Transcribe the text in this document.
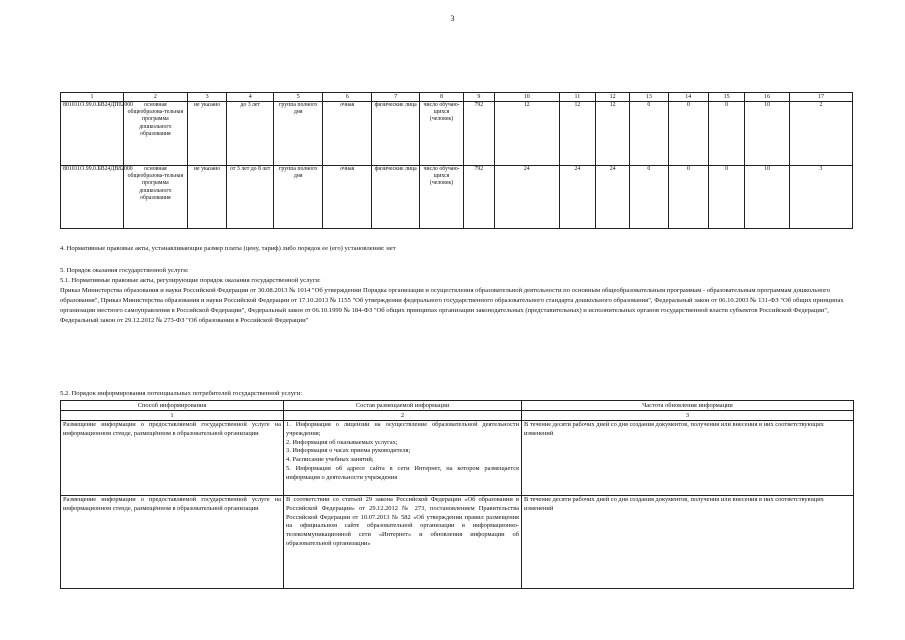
3
1	2	3	4	5	6	7	8	9	10	11	12	13	14	15	16	17
801011О.99.0.БВ24ДП02000	основная общеобразова-тельная программа дошкольного образования	не указано	до 3 лет	группа полного дня	очная	физические лица	число обучаю-щихся (человек)	792	12	12	12	0	0	0	10	2
801011О.99.0.БВ24ДВ82000	основная общеобразова-тельная программа дошкольного образования	не указано	от 3 лет до 8 лет	группа полного дня	очная	физические лица	число обучаю-щихся (человек)	792	24	24	24	0	0	0	10	3
4. Нормативные правовые акты, устанавливающие размер платы (цену, тариф) либо порядок ее (его) установления: нет
5. Порядок оказания государственной услуги:
5.1. Нормативные правовые акты, регулирующие порядок оказания государственной услуги:
Приказ Министерства образования и науки Российской Федерации от 30.08.2013 № 1014 "Об утверждении Порядка организации и осуществления образовательной деятельности по основным общеобразовательным программам - образовательным программам дошкольного образования", Приказ Министерства образования и науки Российской Федерации от 17.10.2013 № 1155 "Об утверждении федерального государственного образовательного стандарта дошкольного образования", Федеральный закон от 06.10.2003 № 131-ФЗ "Об общих принципах организации местного самоуправления в Российской Федерации", Федеральный закон от 06.10.1999 № 184-ФЗ "Об общих принципах организации законодательных (представительных) и исполнительных органов государственной власти субъектов Российской Федерации", Федеральный закон от 29.12.2012 № 273-ФЗ "Об образовании в Российской Федерации"
5.2. Порядок информирования потенциальных потребителей государственной услуги:
Способ информирования	Состав размещаемой информации	Частота обновления информации
1	2	3
Размещение информации о предоставляемой государственной услуге на информационном стенде, размещённом в образовательной организации	1. Информация о лицензии на осуществление образовательной деятельности учреждения;
2. Информация об оказываемых услугах;
3. Информация о часах приема руководителя;
4. Расписание учебных занятий;
5. Информация об адресе сайта в сети Интернет, на котором размещается информация о деятельности учреждения	В течение десяти рабочих дней со дня создания документов, получения или внесения в них соответствующих изменений
Размещение информации о предоставляемой государственной услуге на информационном стенде, размещённом в образовательной организации	В соответствии со статьей 29 закона Российской Федерации «Об образовании в Российской Федерации» от 29.12.2012 № 273, постановлением Правительства Российской Федерации от 10.07.2013 № 582 «Об утверждении правил размещения на официальном сайте образовательной организации в информационно-телекоммуникационной сети «Интернет» и обновления информации об образовательной организации»	В течение десяти рабочих дней со дня создания документов, получения или внесения в них соответствующих изменений
